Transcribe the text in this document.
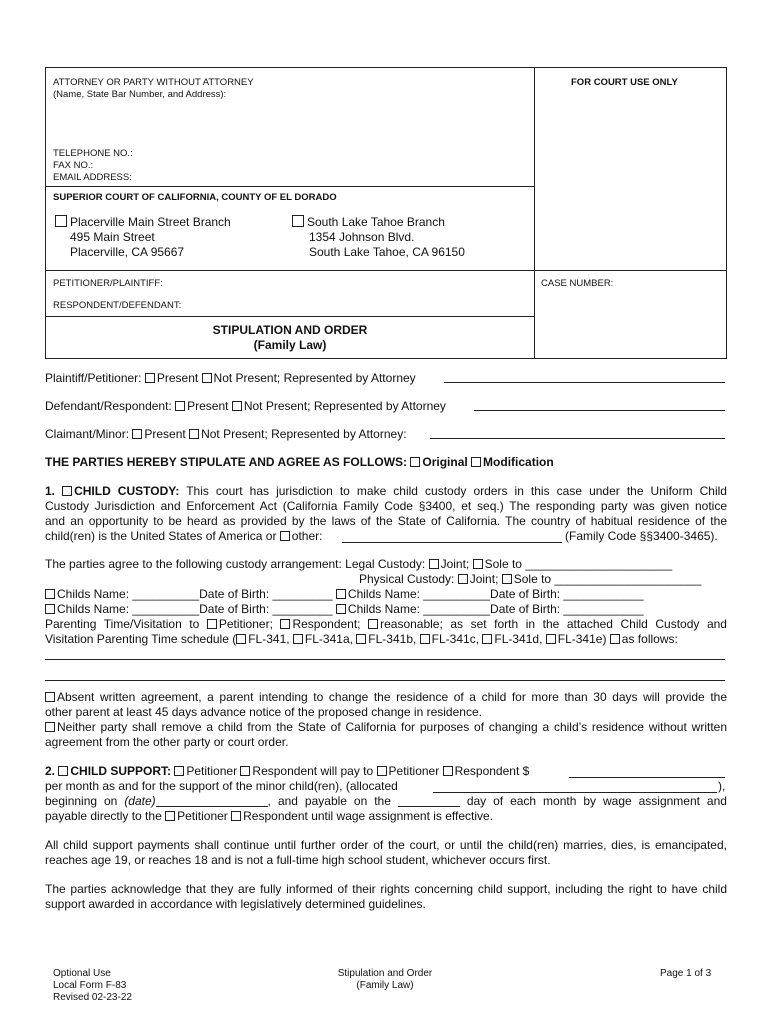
ATTORNEY OR PARTY WITHOUT ATTORNEY
(Name, State Bar Number, and Address):
FOR COURT USE ONLY
TELEPHONE NO.:
FAX NO.:
EMAIL ADDRESS:
SUPERIOR COURT OF CALIFORNIA, COUNTY OF EL DORADO
Placerville Main Street Branch
495 Main Street
Placerville, CA 95667
South Lake Tahoe Branch
1354 Johnson Blvd.
South Lake Tahoe, CA 96150
PETITIONER/PLAINTIFF:
RESPONDENT/DEFENDANT:
CASE NUMBER:
STIPULATION AND ORDER
(Family Law)
Plaintiff/Petitioner: Present Not Present; Represented by Attorney
Defendant/Respondent: Present Not Present; Represented by Attorney
Claimant/Minor: Present Not Present; Represented by Attorney:
THE PARTIES HEREBY STIPULATE AND AGREE AS FOLLOWS: Original Modification
1. CHILD CUSTODY: This court has jurisdiction to make child custody orders in this case under the Uniform Child
Custody Jurisdiction and Enforcement Act (California Family Code §3400, et seq.) The responding party was given notice
and an opportunity to be heard as provided by the laws of the State of California. The country of habitual residence of the
child(ren) is the United States of America or other:	(Family Code §§3400-3465).
The parties agree to the following custody arrangement: Legal Custody: Joint; Sole to ______________________
Physical Custody: Joint; Sole to ______________________
Childs Name: __________Date of Birth: _________ Childs Name: __________Date of Birth: ____________
Childs Name: __________Date of Birth: _________ Childs Name: __________Date of Birth: ____________
Parenting Time/Visitation to Petitioner; Respondent; reasonable; as set forth in the attached Child Custody and
Visitation Parenting Time schedule ( FL-341, FL-341a, FL-341b, FL-341c, FL-341d, FL-341e) as follows:
Absent written agreement, a parent intending to change the residence of a child for more than 30 days will provide the
other parent at least 45 days advance notice of the proposed change in residence.
Neither party shall remove a child from the State of California for purposes of changing a child’s residence without written
agreement from the other party or court order.
2. CHILD SUPPORT: Petitioner Respondent will pay to Petitioner Respondent $
per month as and for the support of the minor child(ren), (allocated	),
beginning on (date)	, and payable on the	day of each month by wage assignment and
payable directly to the Petitioner Respondent until wage assignment is effective.
All child support payments shall continue until further order of the court, or until the child(ren) marries, dies, is emancipated,
reaches age 19, or reaches 18 and is not a full-time high school student, whichever occurs first.
The parties acknowledge that they are fully informed of their rights concerning child support, including the right to have child
support awarded in accordance with legislatively determined guidelines.
Optional Use
Local Form F-83
Revised 02-23-22
Stipulation and Order
(Family Law)
Page 1 of 3
